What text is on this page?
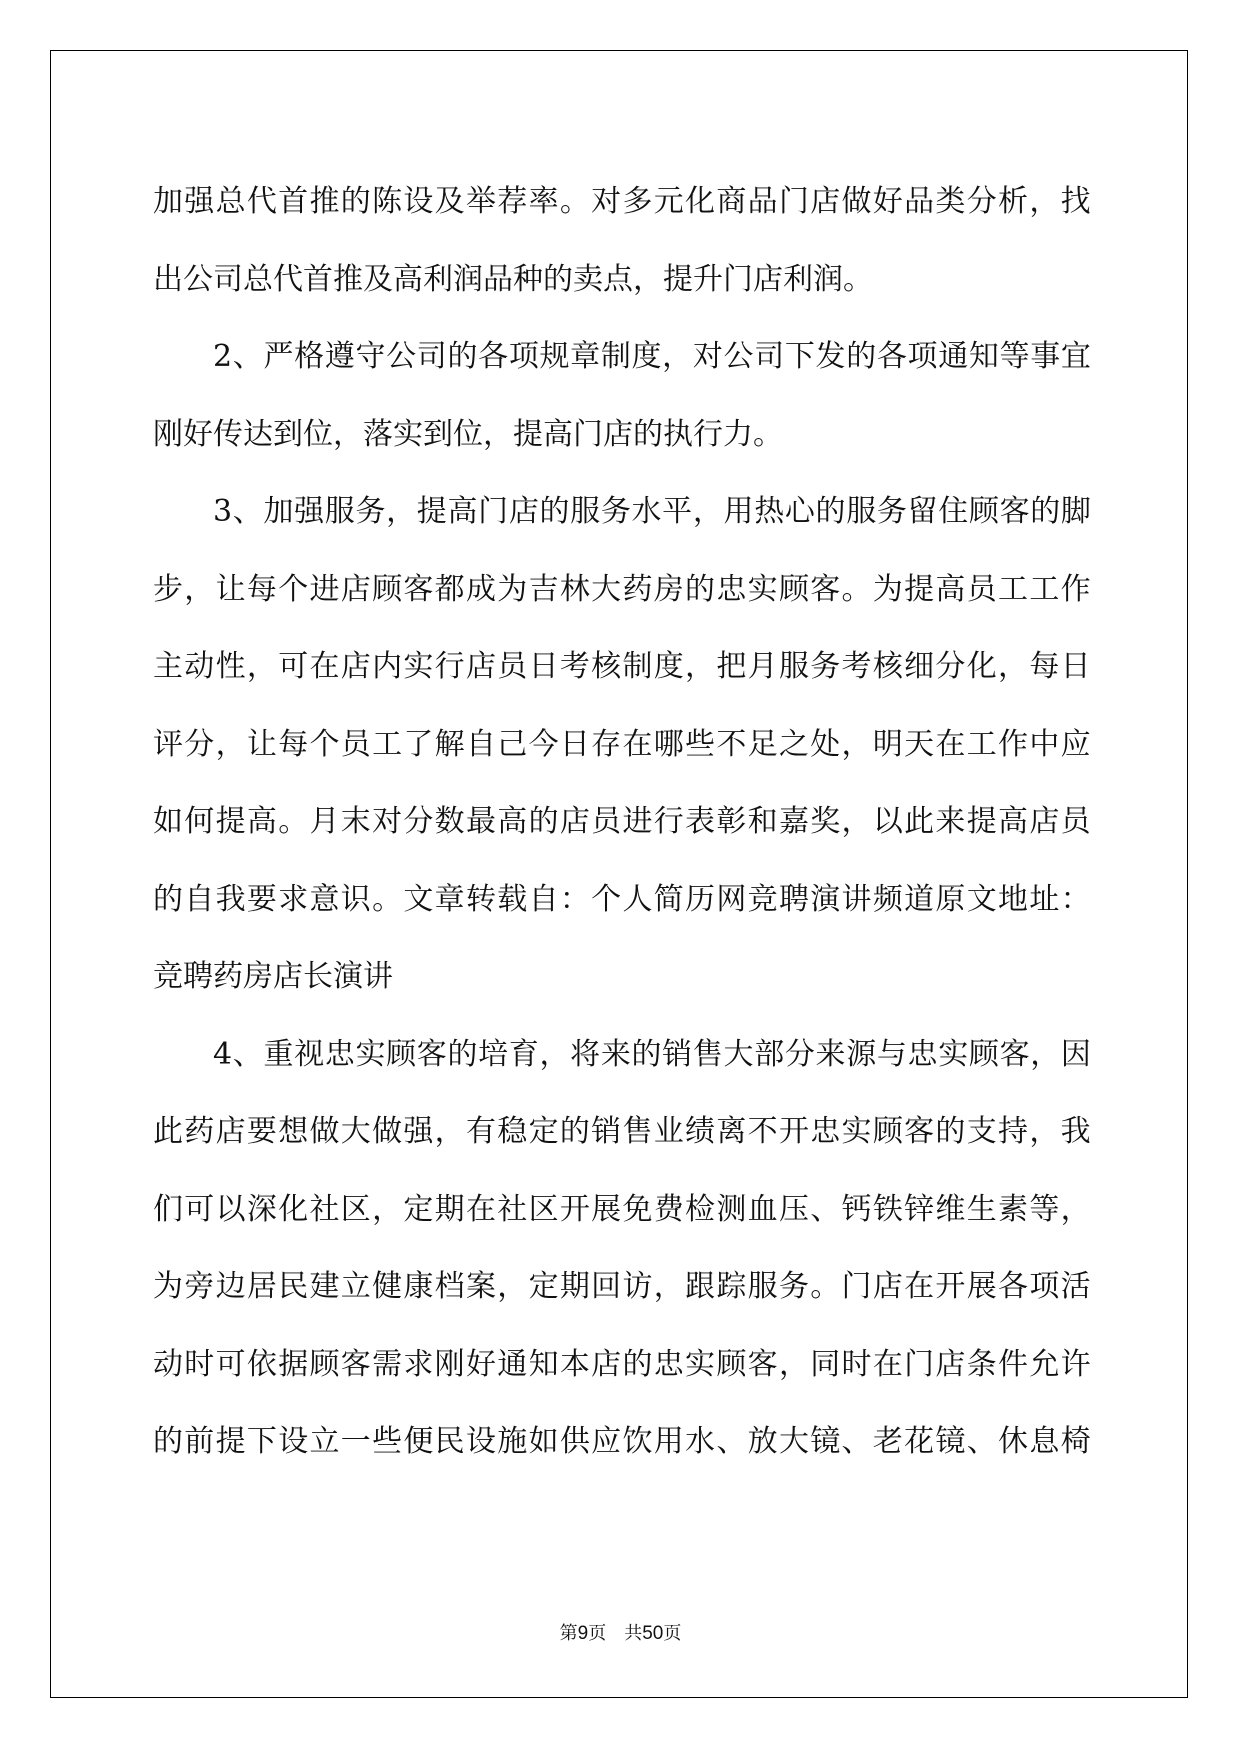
加 强 总 代 首 推 的 陈 设 及 举 荐 率 。 对 多 元 化 商 品 门 店 做 好 品 类 分 析 ， 找
出公司总代首推及高利润品种的卖点，提升门店利润。
2 、 严 格 遵 守 公 司 的 各 项 规 章 制 度 ， 对 公 司 下 发 的 各 项 通 知 等 事 宜
刚好传达到位，落实到位，提高门店的执行力。
3 、 加 强 服 务 ， 提 高 门 店 的 服 务 水 平 ， 用 热 心 的 服 务 留 住 顾 客 的 脚
步 ， 让 每 个 进 店 顾 客 都 成 为 吉 林 大 药 房 的 忠 实 顾 客 。 为 提 高 员 工 工 作
主 动 性 ， 可 在 店 内 实 行 店 员 日 考 核 制 度 ， 把 月 服 务 考 核 细 分 化 ， 每 日
评 分 ， 让 每 个 员 工 了 解 自 己 今 日 存 在 哪 些 不 足 之 处 ， 明 天 在 工 作 中 应
如 何 提 高 。 月 末 对 分 数 最 高 的 店 员 进 行 表 彰 和 嘉 奖 ， 以 此 来 提 高 店 员
的 自 我 要 求 意 识 。 文 章 转 载 自 ： 个 人 简 历 网 竞 聘 演 讲 频 道 原 文 地 址 ：
竞聘药房店长演讲
4 、 重 视 忠 实 顾 客 的 培 育 ， 将 来 的 销 售 大 部 分 来 源 与 忠 实 顾 客 ， 因
此 药 店 要 想 做 大 做 强 ， 有 稳 定 的 销 售 业 绩 离 不 开 忠 实 顾 客 的 支 持 ， 我
们 可 以 深 化 社 区 ， 定 期 在 社 区 开 展 免 费 检 测 血 压 、 钙 铁 锌 维 生 素 等 ，
为 旁 边 居 民 建 立 健 康 档 案 ， 定 期 回 访 ， 跟 踪 服 务 。 门 店 在 开 展 各 项 活
动 时 可 依 据 顾 客 需 求 刚 好 通 知 本 店 的 忠 实 顾 客 ， 同 时 在 门 店 条 件 允 许
的 前 提 下 设 立 一 些 便 民 设 施 如 供 应 饮 用 水 、 放 大 镜 、 老 花 镜 、 休 息 椅
第9页 共50页
